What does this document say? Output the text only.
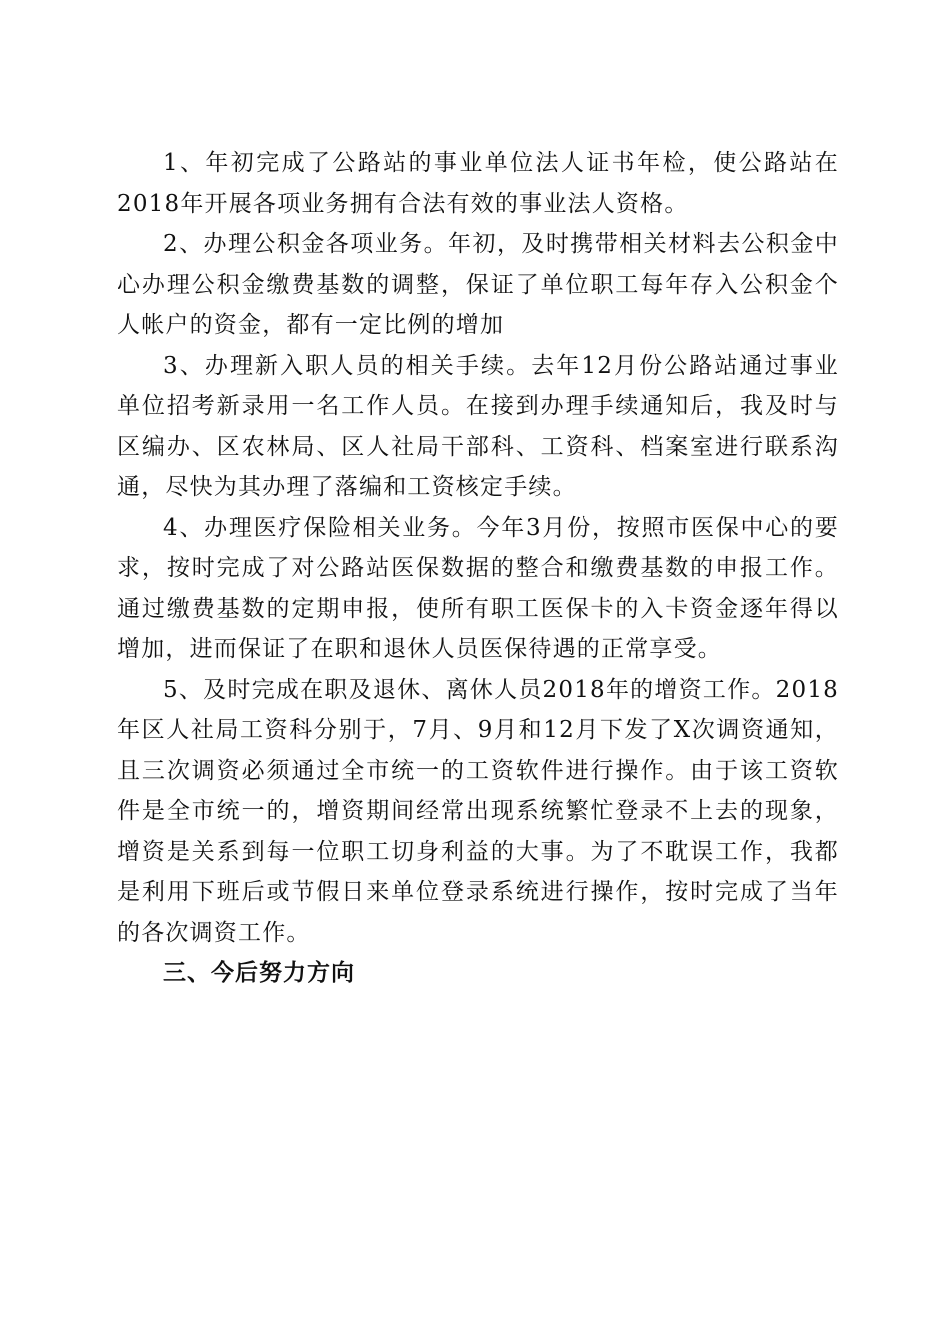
1、年初完成了公路站的事业单位法人证书年检，使公路站在2018年开展各项业务拥有合法有效的事业法人资格。

2、办理公积金各项业务。年初，及时携带相关材料去公积金中心办理公积金缴费基数的调整，保证了单位职工每年存入公积金个人帐户的资金，都有一定比例的增加

3、办理新入职人员的相关手续。去年12月份公路站通过事业单位招考新录用一名工作人员。在接到办理手续通知后，我及时与区编办、区农林局、区人社局干部科、工资科、档案室进行联系沟通，尽快为其办理了落编和工资核定手续。

4、办理医疗保险相关业务。今年3月份，按照市医保中心的要求，按时完成了对公路站医保数据的整合和缴费基数的申报工作。通过缴费基数的定期申报，使所有职工医保卡的入卡资金逐年得以增加，进而保证了在职和退休人员医保待遇的正常享受。

5、及时完成在职及退休、离休人员2018年的增资工作。2018年区人社局工资科分别于，7月、9月和12月下发了X次调资通知，且三次调资必须通过全市统一的工资软件进行操作。由于该工资软件是全市统一的，增资期间经常出现系统繁忙登录不上去的现象，增资是关系到每一位职工切身利益的大事。为了不耽误工作，我都是利用下班后或节假日来单位登录系统进行操作，按时完成了当年的各次调资工作。

三、今后努力方向
